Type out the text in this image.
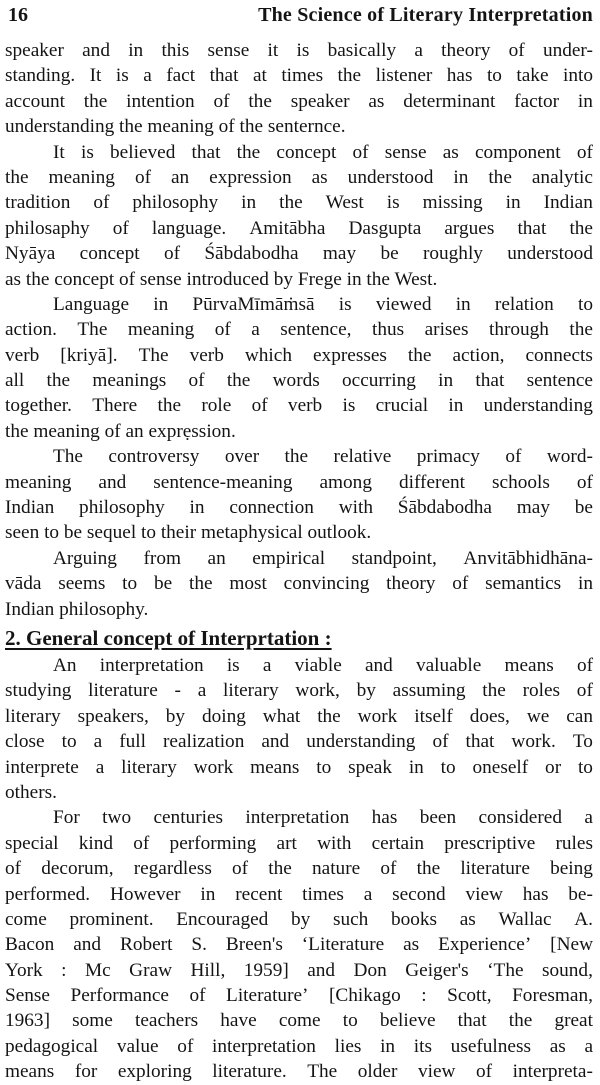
16	The Science of Literary Interpretation
speaker and in this sense it is basically a theory of under-
standing. It is a fact that at times the listener has to take into
account the intention of the speaker as determinant factor in
understanding the meaning of the senternce.
It is believed that the concept of sense as component of
the meaning of an expression as understood in the analytic
tradition of philosophy in the West is missing in Indian
philosaphy of language. Amitābha Dasgupta argues that the
Nyāya concept of Śābdabodha may be roughly understood
as the concept of sense introduced by Frege in the West.
Language in PūrvaMīmāṁsā is viewed in relation to
action. The meaning of a sentence, thus arises through the
verb [kriyā]. The verb which expresses the action, connects
all the meanings of the words occurring in that sentence
together. There the role of verb is crucial in understanding
the meaning of an exprẹssion.
The controversy over the relative primacy of word-
meaning and sentence-meaning among different schools of
Indian philosophy in connection with Śābdabodha may be
seen to be sequel to their metaphysical outlook.
Arguing from an empirical standpoint, Anvitābhidhāna-
vāda seems to be the most convincing theory of semantics in
Indian philosophy.
2. General concept of Interprtation :
An interpretation is a viable and valuable means of
studying literature - a literary work, by assuming the roles of
literary speakers, by doing what the work itself does, we can
close to a full realization and understanding of that work. To
interprete a literary work means to speak in to oneself or to
others.
For two centuries interpretation has been considered a
special kind of performing art with certain prescriptive rules
of decorum, regardless of the nature of the literature being
performed. However in recent times a second view has be-
come prominent. Encouraged by such books as Wallac A.
Bacon and Robert S. Breen's ‘Literature as Experience’ [New
York : Mc Graw Hill, 1959] and Don Geiger's ‘The sound,
Sense Performance of Literature’ [Chikago : Scott, Foresman,
1963] some teachers have come to believe that the great
pedagogical value of interpretation lies in its usefulness as a
means for exploring literature. The older view of interpreta-
